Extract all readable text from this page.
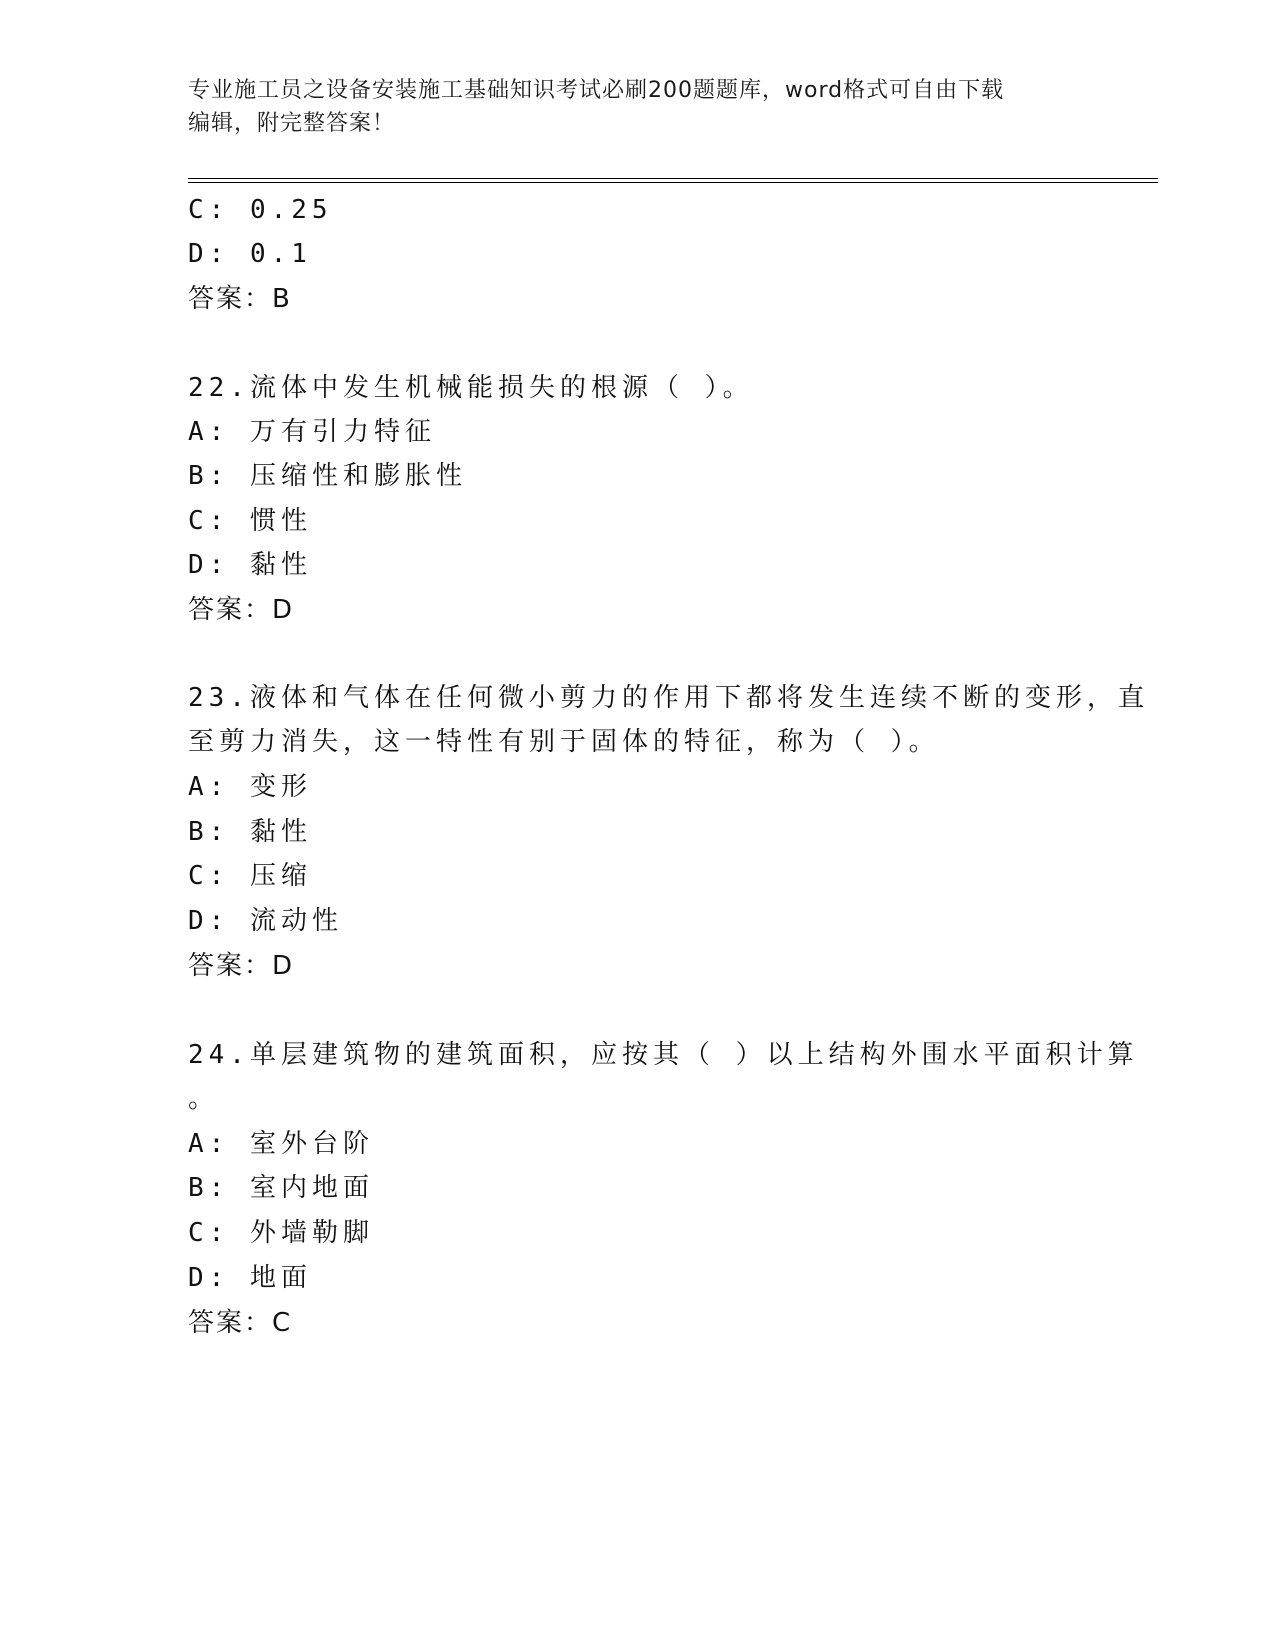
专业施工员之设备安装施工基础知识考试必刷200题题库，word格式可自由下载
编辑，附完整答案！
C: 0.25
D: 0.1
答案：B
22.流体中发生机械能损失的根源（ ）。
A: 万有引力特征
B: 压缩性和膨胀性
C: 惯性
D: 黏性
答案：D
23.液体和气体在任何微小剪力的作用下都将发生连续不断的变形，直
至剪力消失，这一特性有别于固体的特征，称为（ ）。
A: 变形
B: 黏性
C: 压缩
D: 流动性
答案：D
24.单层建筑物的建筑面积，应按其（ ）以上结构外围水平面积计算
。
A: 室外台阶
B: 室内地面
C: 外墙勒脚
D: 地面
答案：C
